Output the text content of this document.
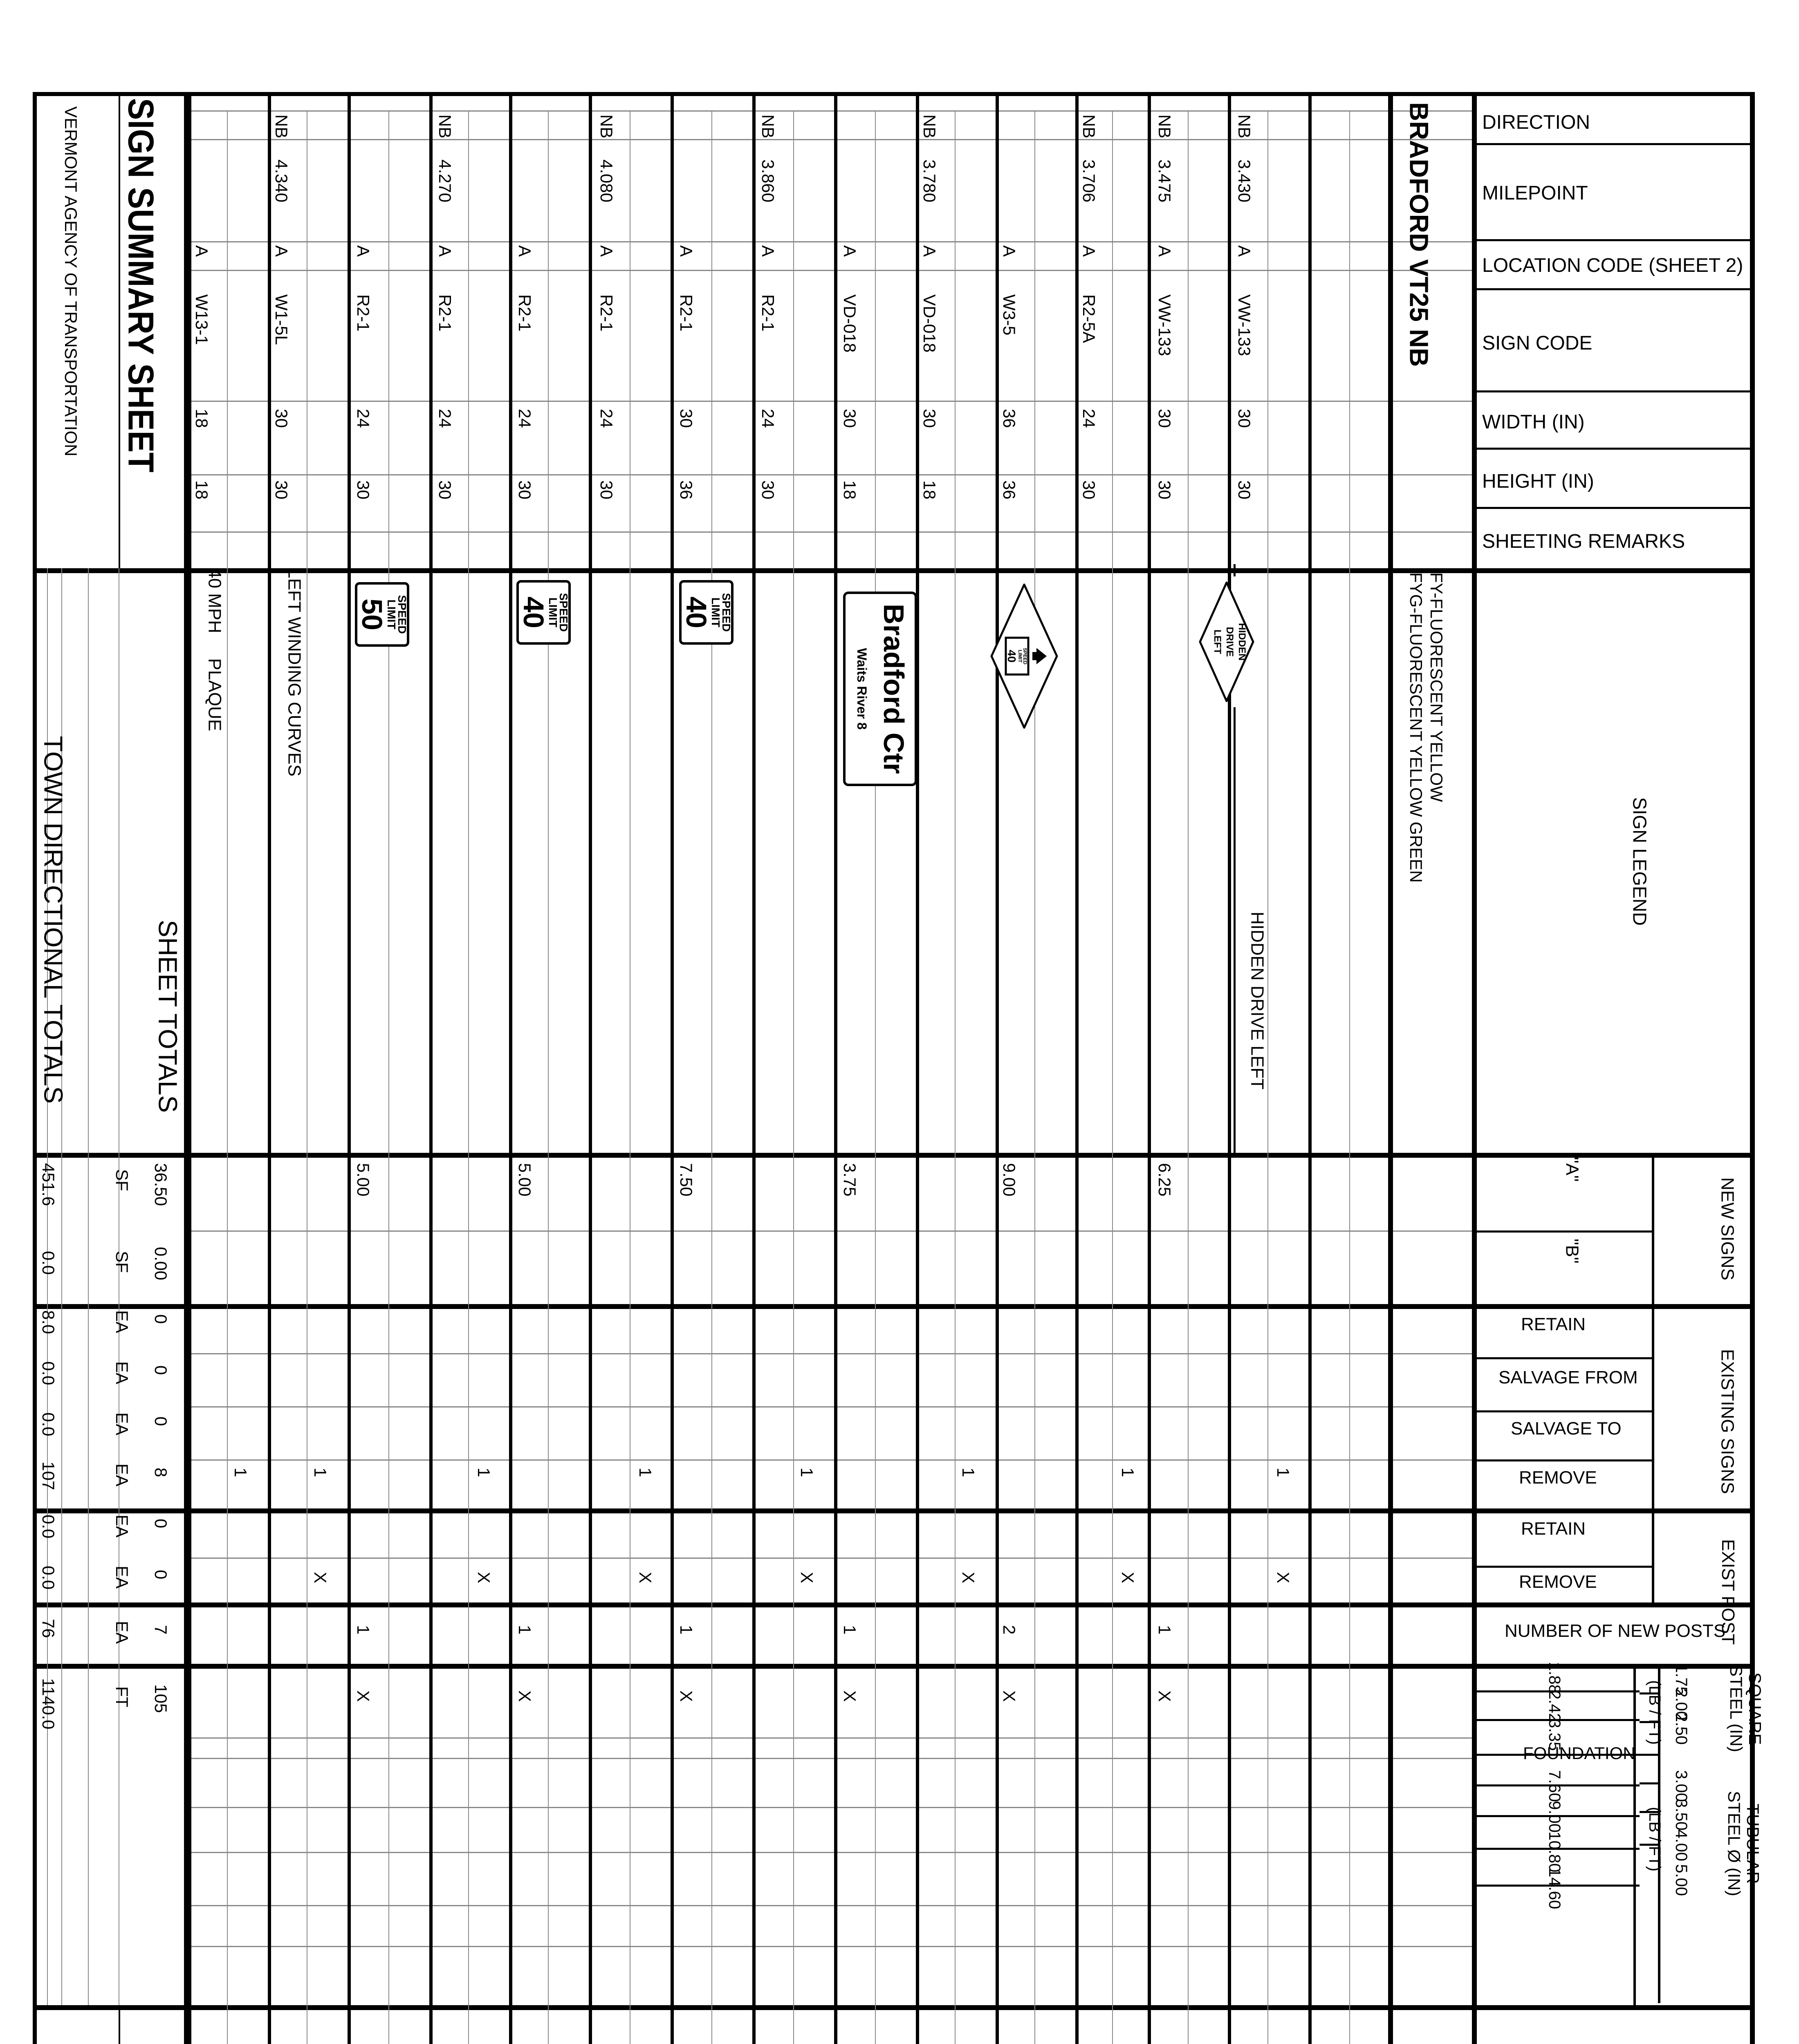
DIRECTION
MILEPOINT
LOCATION CODE (SHEET 2)
SIGN CODE
WIDTH (IN)
HEIGHT (IN)
SHEETING REMARKS
SIGN LEGEND
NEW SIGNS
"A"
"B"
EXISTING SIGNS
RETAIN
SALVAGE FROM
SALVAGE TO
REMOVE
EXIST POST
RETAIN
REMOVE
NUMBER OF NEW POSTS
SQUARE STEEL (IN)
1.75
2.00
2.50
(LB / FT)
1.88
2.42
3.35
FOUNDATION
TUBULAR STEEL Ø (IN)
3.00
3.50
4.00
5.00
(LB / FT)
7.60
9.00
10.80
14.60
BRADFORD VT25 NB
FY-FLUORESCENT YELLOW
FYG-FLUORESCENT YELLOW GREEN
NB
3.430
A
VW-133
30
30
1
X
NB
3.475
A
VW-133
30
30
6.25
1
X
NB
3.706
A
R2-5A
24
30
1
X
A
W3-5
36
36
9.00
2
X
NB
3.780
A
VD-018
30
18
1
X
A
VD-018
30
18
3.75
1
X
NB
3.860
A
R2-1
24
30
1
X
A
R2-1
30
36
7.50
1
X
NB
4.080
A
R2-1
24
30
1
X
A
R2-1
24
30
5.00
1
X
NB
4.270
A
R2-1
24
30
1
X
A
R2-1
24
30
5.00
1
X
NB
4.340
A
W1-5L
30
30
1
X
A
W13-1
18
18
1
HIDDEN
DRIVE
LEFT
HIDDEN DRIVE LEFT
SPEED
LIMIT
40
Bradford Ctr
Waits River 8
SPEED
LIMIT
40
SPEED
LIMIT
40
SPEED
LIMIT
50
LEFT WINDING CURVES
40 MPH     PLAQUE
SIGN SUMMARY SHEET
VERMONT AGENCY OF TRANSPORTATION
SHEET TOTALS
TOWN DIRECTIONAL TOTALS
36.50
0.00
SF
SF
0
0
0
8
EA
EA
EA
EA
0
0
EA
EA
7
EA
105
FT
451.6
0.0
8.0
0.0
0.0
107
0.0
0.0
76
1140.0
